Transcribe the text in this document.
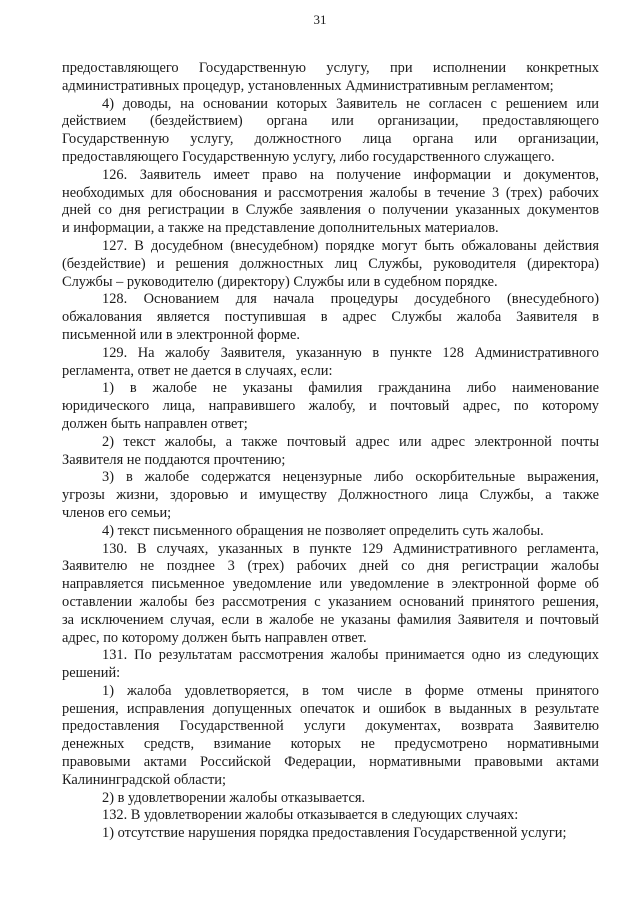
31
предоставляющего Государственную услугу, при исполнении конкретных
административных процедур, установленных Административным регламентом;
4) доводы, на основании которых Заявитель не согласен с решением или
действием (бездействием) органа или организации, предоставляющего
Государственную услугу, должностного лица органа или организации,
предоставляющего Государственную услугу, либо государственного служащего.
126. Заявитель имеет право на получение информации и документов,
необходимых для обоснования и рассмотрения жалобы в течение 3 (трех) рабочих
дней со дня регистрации в Службе заявления о получении указанных документов
и информации, а также на представление дополнительных материалов.
127. В досудебном (внесудебном) порядке могут быть обжалованы действия
(бездействие) и решения должностных лиц Службы, руководителя (директора)
Службы – руководителю (директору) Службы или в судебном порядке.
128. Основанием для начала процедуры досудебного (внесудебного)
обжалования является поступившая в адрес Службы жалоба Заявителя в
письменной или в электронной форме.
129. На жалобу Заявителя, указанную в пункте 128 Административного
регламента, ответ не дается в случаях, если:
1) в жалобе не указаны фамилия гражданина либо наименование
юридического лица, направившего жалобу, и почтовый адрес, по которому
должен быть направлен ответ;
2) текст жалобы, а также почтовый адрес или адрес электронной почты
Заявителя не поддаются прочтению;
3) в жалобе содержатся нецензурные либо оскорбительные выражения,
угрозы жизни, здоровью и имуществу Должностного лица Службы, а также
членов его семьи;
4) текст письменного обращения не позволяет определить суть жалобы.
130. В случаях, указанных в пункте 129 Административного регламента,
Заявителю не позднее 3 (трех) рабочих дней со дня регистрации жалобы
направляется письменное уведомление или уведомление в электронной форме об
оставлении жалобы без рассмотрения с указанием оснований принятого решения,
за исключением случая, если в жалобе не указаны фамилия Заявителя и почтовый
адрес, по которому должен быть направлен ответ.
131. По результатам рассмотрения жалобы принимается одно из следующих
решений:
1) жалоба удовлетворяется, в том числе в форме отмены принятого
решения, исправления допущенных опечаток и ошибок в выданных в результате
предоставления Государственной услуги документах, возврата Заявителю
денежных средств, взимание которых не предусмотрено нормативными
правовыми актами Российской Федерации, нормативными правовыми актами
Калининградской области;
2) в удовлетворении жалобы отказывается.
132. В удовлетворении жалобы отказывается в следующих случаях:
1) отсутствие нарушения порядка предоставления Государственной услуги;
